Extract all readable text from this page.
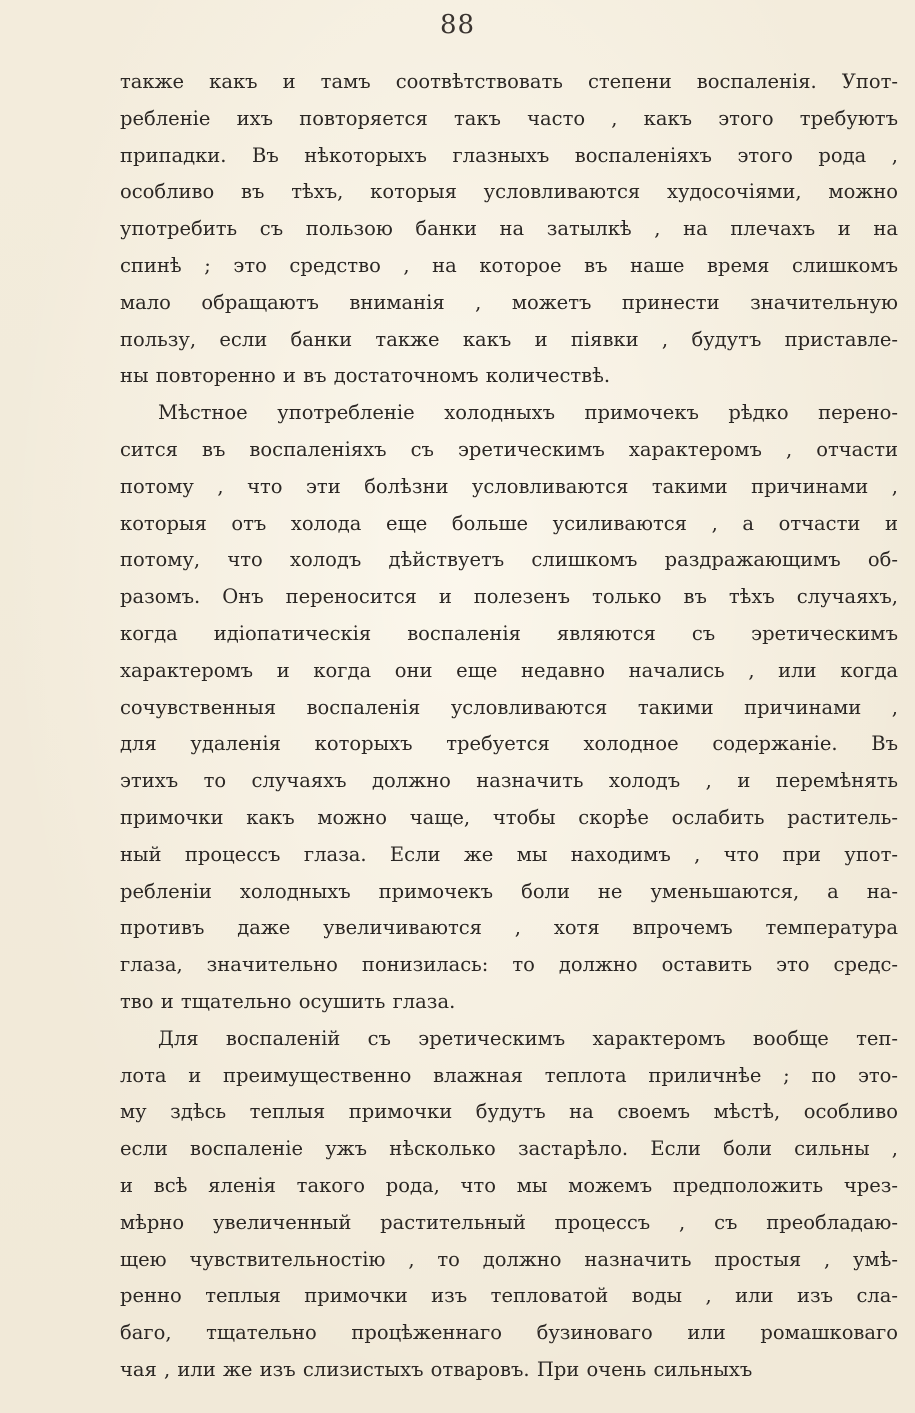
88
также какъ и тамъ соотвѣтствовать степени воспаленія. Упот-
ребленіе ихъ повторяется такъ часто , какъ этого требуютъ
припадки. Въ нѣкоторыхъ глазныхъ воспаленіяхъ этого рода ,
особливо въ тѣхъ, которыя условливаются худосочіями, можно
употребить съ пользою банки на затылкѣ , на плечахъ и на
спинѣ ; это средство , на которое въ наше время слишкомъ
мало обращаютъ вниманія , можетъ принести значительную
пользу, если банки также какъ и піявки , будутъ приставле-
ны повторенно и въ достаточномъ количествѣ.
Мѣстное употребленіе холодныхъ примочекъ рѣдко перено-
сится въ воспаленіяхъ съ эретическимъ характеромъ , отчасти
потому , что эти болѣзни условливаются такими причинами ,
которыя отъ холода еще больше усиливаются , а отчасти и
потому, что холодъ дѣйствуетъ слишкомъ раздражающимъ об-
разомъ. Онъ переносится и полезенъ только въ тѣхъ случаяхъ,
когда идіопатическія воспаленія являются съ эретическимъ
характеромъ и когда они еще недавно начались , или когда
сочувственныя воспаленія условливаются такими причинами ,
для удаленія которыхъ требуется холодное содержаніе. Въ
этихъ то случаяхъ должно назначить холодъ , и перемѣнять
примочки какъ можно чаще, чтобы скорѣе ослабить раститель-
ный процессъ глаза. Если же мы находимъ , что при упот-
ребленіи холодныхъ примочекъ боли не уменьшаются, а на-
противъ даже увеличиваются , хотя впрочемъ температура
глаза, значительно понизилась: то должно оставить это средс-
тво и тщательно осушить глаза.
Для воспаленій съ эретическимъ характеромъ вообще теп-
лота и преимущественно влажная теплота приличнѣе ; по это-
му здѣсь теплыя примочки будутъ на своемъ мѣстѣ, особливо
если воспаленіе ужъ нѣсколько застарѣло. Если боли сильны ,
и всѣ яленія такого рода, что мы можемъ предположить чрез-
мѣрно увеличенный растительный процессъ , съ преобладаю-
щею чувствительностію , то должно назначить простыя , умѣ-
ренно теплыя примочки изъ тепловатой воды , или изъ сла-
баго, тщательно процѣженнаго бузиноваго или ромашковаго
чая , или же изъ слизистыхъ отваровъ. При очень сильныхъ
